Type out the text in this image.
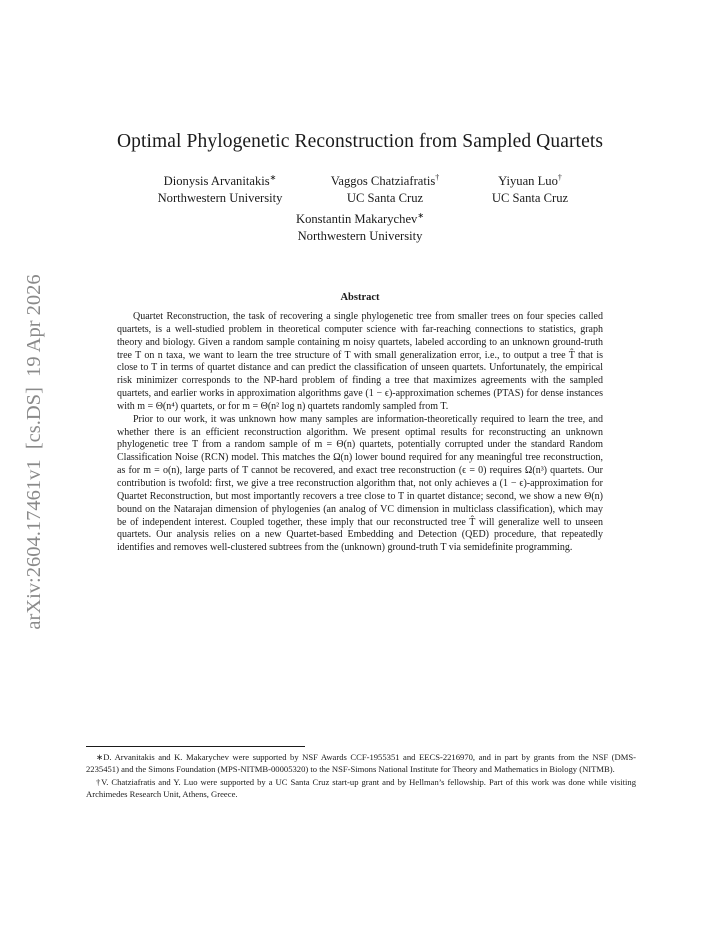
arXiv:2604.17461v1  [cs.DS]  19 Apr 2026
Optimal Phylogenetic Reconstruction from Sampled Quartets
Dionysis Arvanitakis∗
Northwestern University
Vaggos Chatziafratis†
UC Santa Cruz
Yiyuan Luo†
UC Santa Cruz
Konstantin Makarychev∗
Northwestern University
Abstract

Quartet Reconstruction, the task of recovering a single phylogenetic tree from smaller trees on four species called quartets, is a well-studied problem in theoretical computer science with far-reaching connections to statistics, graph theory and biology. Given a random sample containing m noisy quartets, labeled according to an unknown ground-truth tree T on n taxa, we want to learn the tree structure of T with small generalization error, i.e., to output a tree T̂ that is close to T in terms of quartet distance and can predict the classification of unseen quartets. Unfortunately, the empirical risk minimizer corresponds to the NP-hard problem of finding a tree that maximizes agreements with the sampled quartets, and earlier works in approximation algorithms gave (1 − ϵ)-approximation schemes (PTAS) for dense instances with m = Θ(n⁴) quartets, or for m = Θ(n² log n) quartets randomly sampled from T.

Prior to our work, it was unknown how many samples are information-theoretically required to learn the tree, and whether there is an efficient reconstruction algorithm. We present optimal results for reconstructing an unknown phylogenetic tree T from a random sample of m = Θ(n) quartets, potentially corrupted under the standard Random Classification Noise (RCN) model. This matches the Ω(n) lower bound required for any meaningful tree reconstruction, as for m = o(n), large parts of T cannot be recovered, and exact tree reconstruction (ϵ = 0) requires Ω(n³) quartets. Our contribution is twofold: first, we give a tree reconstruction algorithm that, not only achieves a (1 − ϵ)-approximation for Quartet Reconstruction, but most importantly recovers a tree close to T in quartet distance; second, we show a new Θ(n) bound on the Natarajan dimension of phylogenies (an analog of VC dimension in multiclass classification), which may be of independent interest. Coupled together, these imply that our reconstructed tree T̂ will generalize well to unseen quartets. Our analysis relies on a new Quartet-based Embedding and Detection (QED) procedure, that repeatedly identifies and removes well-clustered subtrees from the (unknown) ground-truth T via semidefinite programming.

∗D. Arvanitakis and K. Makarychev were supported by NSF Awards CCF-1955351 and EECS-2216970, and in part by grants from the NSF (DMS-2235451) and the Simons Foundation (MPS-NITMB-00005320) to the NSF-Simons National Institute for Theory and Mathematics in Biology (NITMB).

†V. Chatziafratis and Y. Luo were supported by a UC Santa Cruz start-up grant and by Hellman’s fellowship. Part of this work was done while visiting Archimedes Research Unit, Athens, Greece.
